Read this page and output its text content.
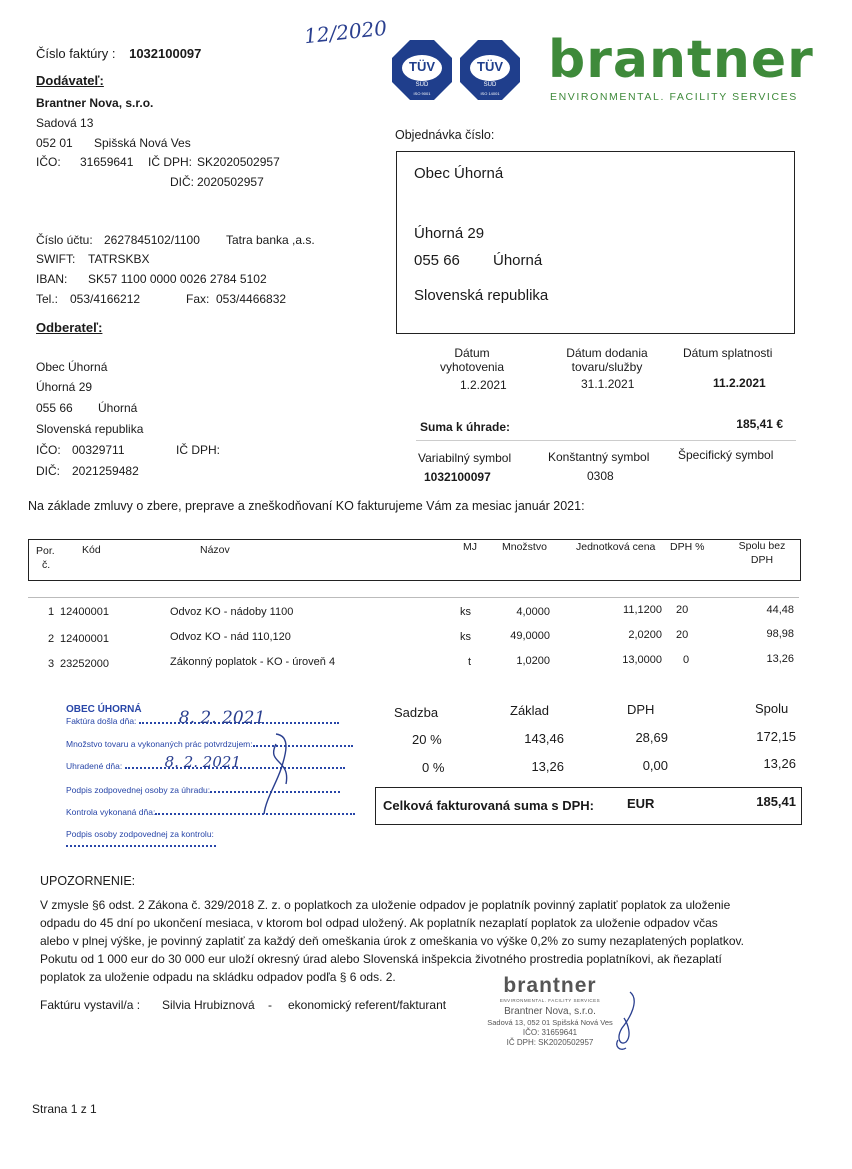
12/2020
Číslo faktúry : 1032100097
Dodávateľ:
Brantner Nova, s.r.o.
Sadová 13
052 01 Spišská Nová Ves
IČO: 31659641 IČ DPH: SK2020502957
DIČ: 2020502957
Číslo účtu: 2627845102/1100 Tatra banka ,a.s.
SWIFT: TATRSKBX
IBAN: SK57 1100 0000 0026 2784 5102
Tel.: 053/4166212	Fax: 053/4466832
TÜV
SÜD
ISO 9001
TÜV
SÜD
ISO 14001
brantner
ENVIRONMENTAL. FACILITY SERVICES
Objednávka číslo:
Obec Úhorná
Úhorná 29
055 66 Úhorná
Slovenská republika
Odberateľ:
Obec Úhorná
Úhorná 29
055 66 Úhorná
Slovenská republika
IČO: 00329711	IČ DPH:
DIČ: 2021259482
Dátum
vyhotovenia
1.2.2021
Dátum dodania
tovaru/služby
31.1.2021
Dátum splatnosti
11.2.2021
Suma k úhrade:	185,41 €
Variabilný symbol
1032100097
Konštantný symbol
0308
Špecifický symbol
Na základe zmluvy o zbere, preprave a zneškodňovaní KO fakturujeme Vám za mesiac január 2021:
Por.
č.
Kód	Názov	MJ Množstvo	Jednotková cena DPH %	Spolu bez
DPH
1 12400001	Odvoz KO - nádoby 1100	ks	4,0000	11,1200 20	44,48
2 12400001	Odvoz KO - nád 110,120	ks	49,0000	2,0200 20	98,98
3 23252000	Zákonný poplatok - KO - úroveň 4	t	1,0200	13,0000 0	13,26
OBEC ÚHORNÁ
Faktúra došla dňa: 8. 2. 2021
Množstvo tovaru a vykonaných prác potvrdzujem:
Uhradené dňa:	8. 2. 2021
Podpis zodpovednej osoby za úhradu:
Kontrola vykonaná dňa:
Podpis osoby zodpovednej za kontrolu:
Sadzba	Základ	DPH	Spolu
20 %	143,46	28,69	172,15
0 %	13,26	0,00	13,26
Celková fakturovaná suma s DPH:	EUR	185,41
UPOZORNENIE:
V zmysle §6 odst. 2 Zákona č. 329/2018 Z. z. o poplatkoch za uloženie odpadov je poplatník povinný zaplatiť poplatok za uloženie
odpadu do 45 dní po ukončení mesiaca, v ktorom bol odpad uložený. Ak poplatník nezaplatí poplatok za uloženie odpadov včas
alebo v plnej výške, je povinný zaplatiť za každý deň omeškania úrok z omeškania vo výške 0,2% zo sumy nezaplatených poplatkov.
Pokutu od 1 000 eur do 30 000 eur uloží okresný úrad alebo Slovenská inšpekcia životného prostredia poplatníkovi, ak ňezaplatí
poplatok za uloženie odpadu na skládku odpadov podľa § 6 ods. 2.
Faktúru vystavil/a : Silvia Hrubiznová - ekonomický referent/fakturant
brantner
ENVIRONMENTAL. FACILITY SERVICES
Brantner Nova, s.r.o.
Sadová 13, 052 01 Spišská Nová Ves
IČO: 31659641
IČ DPH: SK2020502957
Strana 1 z 1
